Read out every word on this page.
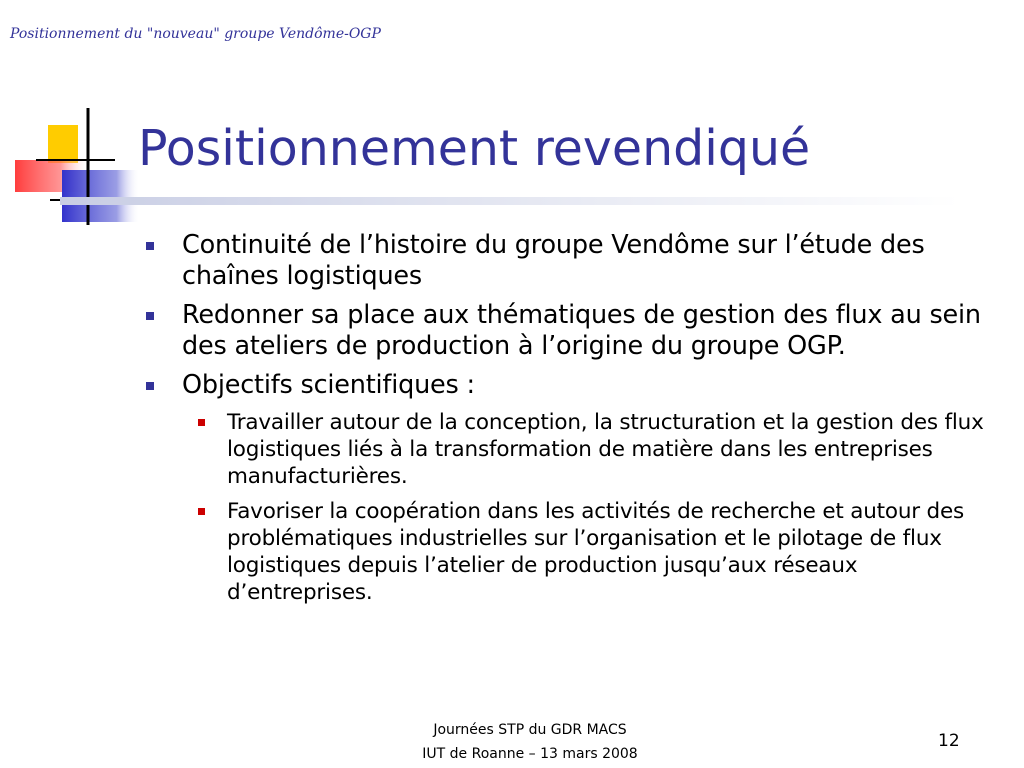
Positionnement du "nouveau" groupe Vendôme-OGP
Positionnement revendiqué
Continuité de l’histoire du groupe Vendôme sur l’étude des chaînes logistiques
Redonner sa place aux thématiques de gestion des flux au sein des ateliers de production à l’origine du groupe OGP.
Objectifs scientifiques :
Travailler autour de la conception, la structuration et la gestion des flux logistiques liés à la transformation de matière dans les entreprises manufacturières.
Favoriser la coopération dans les activités de recherche et autour des problématiques industrielles sur l’organisation et le pilotage de flux logistiques depuis l’atelier de production jusqu’aux réseaux d’entreprises.
Journées STP du GDR MACS
IUT de Roanne – 13 mars 2008
12
